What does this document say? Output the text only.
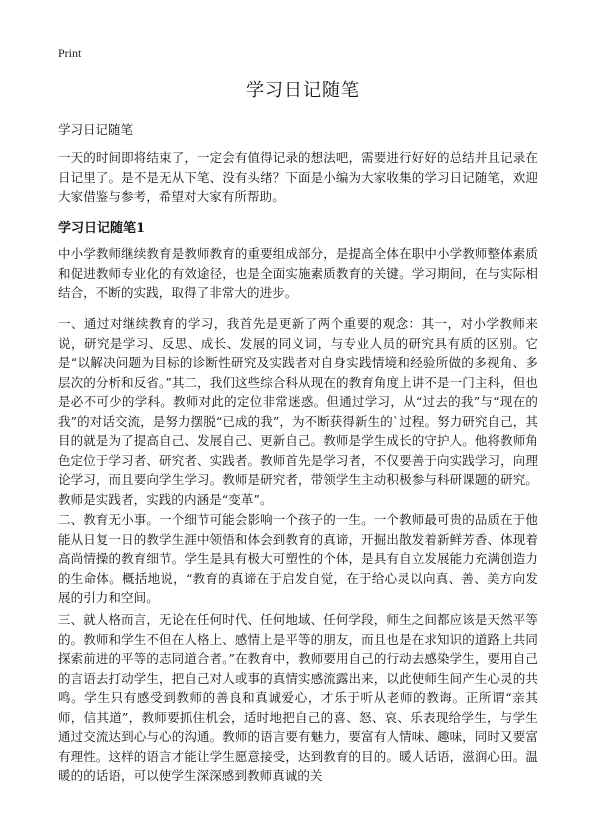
Print
学习日记随笔

学习日记随笔

一天的时间即将结束了，一定会有值得记录的想法吧，需要进行好好的总结并且记录在日记里了。是不是无从下笔、没有头绪？下面是小编为大家收集的学习日记随笔，欢迎大家借鉴与参考，希望对大家有所帮助。

学习日记随笔1

中小学教师继续教育是教师教育的重要组成部分，是提高全体在职中小学教师整体素质和促进教师专业化的有效途径，也是全面实施素质教育的关键。学习期间，在与实际相结合，不断的实践，取得了非常大的进步。

一、通过对继续教育的学习，我首先是更新了两个重要的观念：其一，对小学教师来说，研究是学习、反思、成长、发展的同义词，与专业人员的研究具有质的区别。它是“以解决问题为目标的诊断性研究及实践者对自身实践情境和经验所做的多视角、多层次的分析和反省。”其二，我们这些综合科从现在的教育角度上讲不是一门主科，但也是必不可少的学科。教师对此的定位非常迷惑。但通过学习，从“过去的我”与“现在的我”的对话交流，是努力摆脱“已成的我”，为不断获得新生的`过程。努力研究自己，其目的就是为了提高自己、发展自己、更新自己。教师是学生成长的守护人。他将教师角色定位于学习者、研究者、实践者。教师首先是学习者，不仅要善于向实践学习，向理论学习，而且要向学生学习。教师是研究者，带领学生主动积极参与科研课题的研究。教师是实践者，实践的内涵是“变革”。

二、教育无小事。一个细节可能会影响一个孩子的一生。一个教师最可贵的品质在于他能从日复一日的教学生涯中领悟和体会到教育的真谛，开掘出散发着新鲜芳香、体现着高尚情操的教育细节。学生是具有极大可塑性的个体，是具有自立发展能力充满创造力的生命体。概括地说，“教育的真谛在于启发自觉，在于给心灵以向真、善、美方向发展的引力和空间。

三、就人格而言，无论在任何时代、任何地域、任何学段，师生之间都应该是天然平等的。教师和学生不但在人格上、感情上是平等的朋友，而且也是在求知识的道路上共同探索前进的平等的志同道合者。”在教育中，教师要用自己的行动去感染学生，要用自己的言语去打动学生，把自己对人或事的真情实感流露出来，以此使师生间产生心灵的共鸣。学生只有感受到教师的善良和真诚爱心，才乐于听从老师的教诲。正所谓“亲其师，信其道”，教师要抓住机会，适时地把自己的喜、怒、哀、乐表现给学生，与学生通过交流达到心与心的沟通。教师的语言要有魅力，要富有人情味、趣味，同时又要富有理性。这样的语言才能让学生愿意接受，达到教育的目的。暖人话语，滋润心田。温暖的的话语，可以使学生深深感到教师真诚的关
